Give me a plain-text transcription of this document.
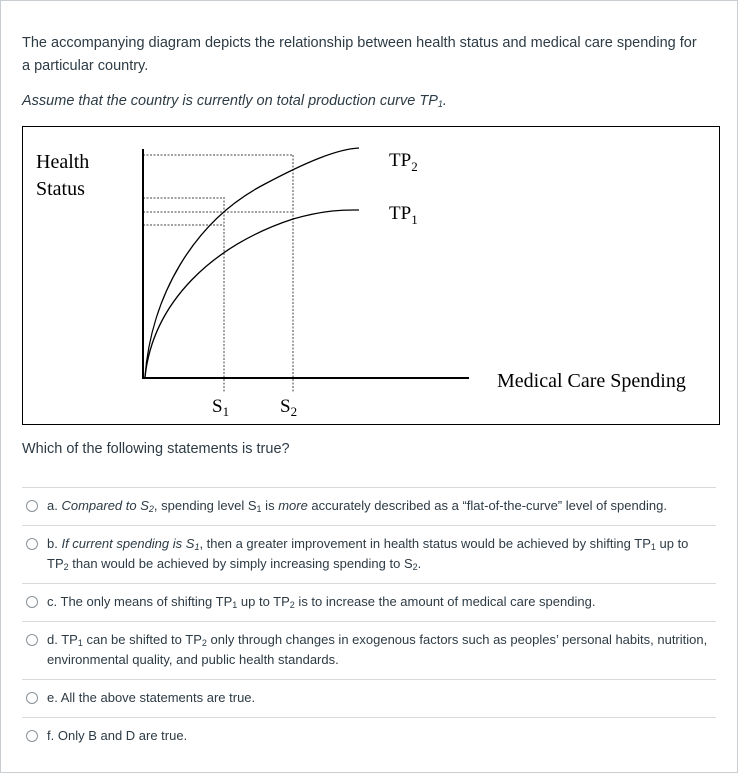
The accompanying diagram depicts the relationship between health status and medical care spending for a particular country.

Assume that the country is currently on total production curve $TP_1$.

Health
Status
$TP_2$
$TP_1$
Medical Care Spending
$S_1$	$S_2$

Which of the following statements is true?

a. Compared to $S_2$, spending level $S_1$ is more accurately described as a “flat-of-the-curve” level of spending.
b. If current spending is $S_1$, then a greater improvement in health status would be achieved by shifting $TP_1$ up to $TP_2$ than would be achieved by simply increasing spending to $S_2$.
c. The only means of shifting $TP_1$ up to $TP_2$ is to increase the amount of medical care spending.
d. $TP_1$ can be shifted to $TP_2$ only through changes in exogenous factors such as peoples’ personal habits, nutrition, environmental quality, and public health standards.
e. All the above statements are true.
f. Only B and D are true.
